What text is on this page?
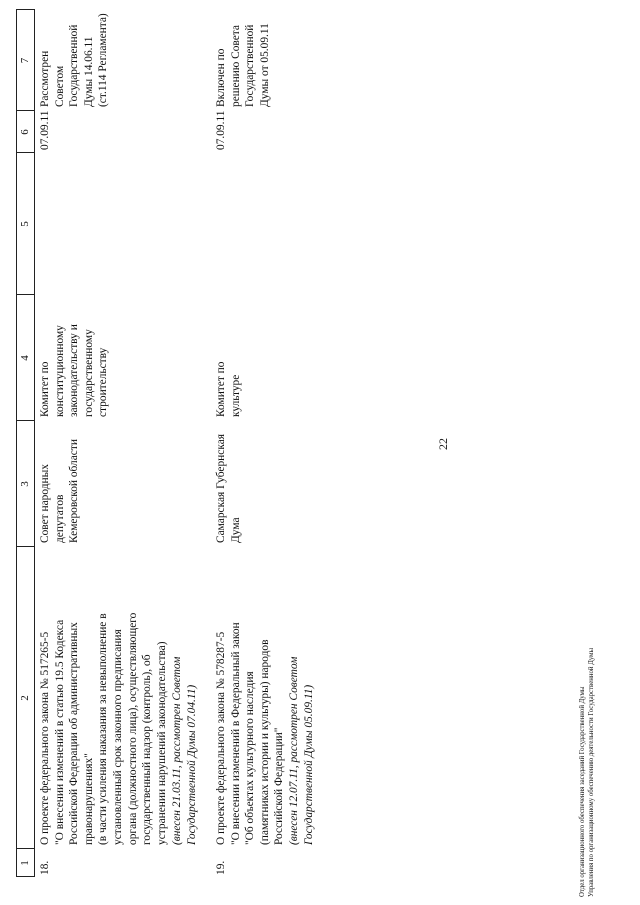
1
2
3
4
5
6
7
18.
О проекте федерального закона № 517265-5
"О внесении изменений в статью 19.5 Кодекса
Российской Федерации об административных
правонарушениях"
(в части усиления наказания за невыполнение в
установленный срок законного предписания
органа (должностного лица), осуществляющего
государственный надзор (контроль), об
устранении нарушений законодательства)
(внесен 21.03.11, рассмотрен Советом
Государственной Думы 07.04.11)
Совет народных
депутатов
Кемеровской области
Комитет по
конституционному
законодательству и
государственному
строительству
07.09.11
Рассмотрен Советом
Государственной
Думы 14.06.11
(ст.114 Регламента)
19.
О проекте федерального закона № 578287-5
"О внесении изменений в Федеральный закон
"Об объектах культурного наследия
(памятниках истории и культуры) народов
Российской Федерации"
(внесен 12.07.11, рассмотрен Советом
Государственной Думы 05.09.11)
Самарская Губернская
Дума
Комитет по
культуре
07.09.11
Включен по
решению Совета
Государственной
Думы от 05.09.11
22
Отдел организационного обеспечения заседаний Государственной Думы Управления по организационному обеспечению деятельности Государственной Думы
